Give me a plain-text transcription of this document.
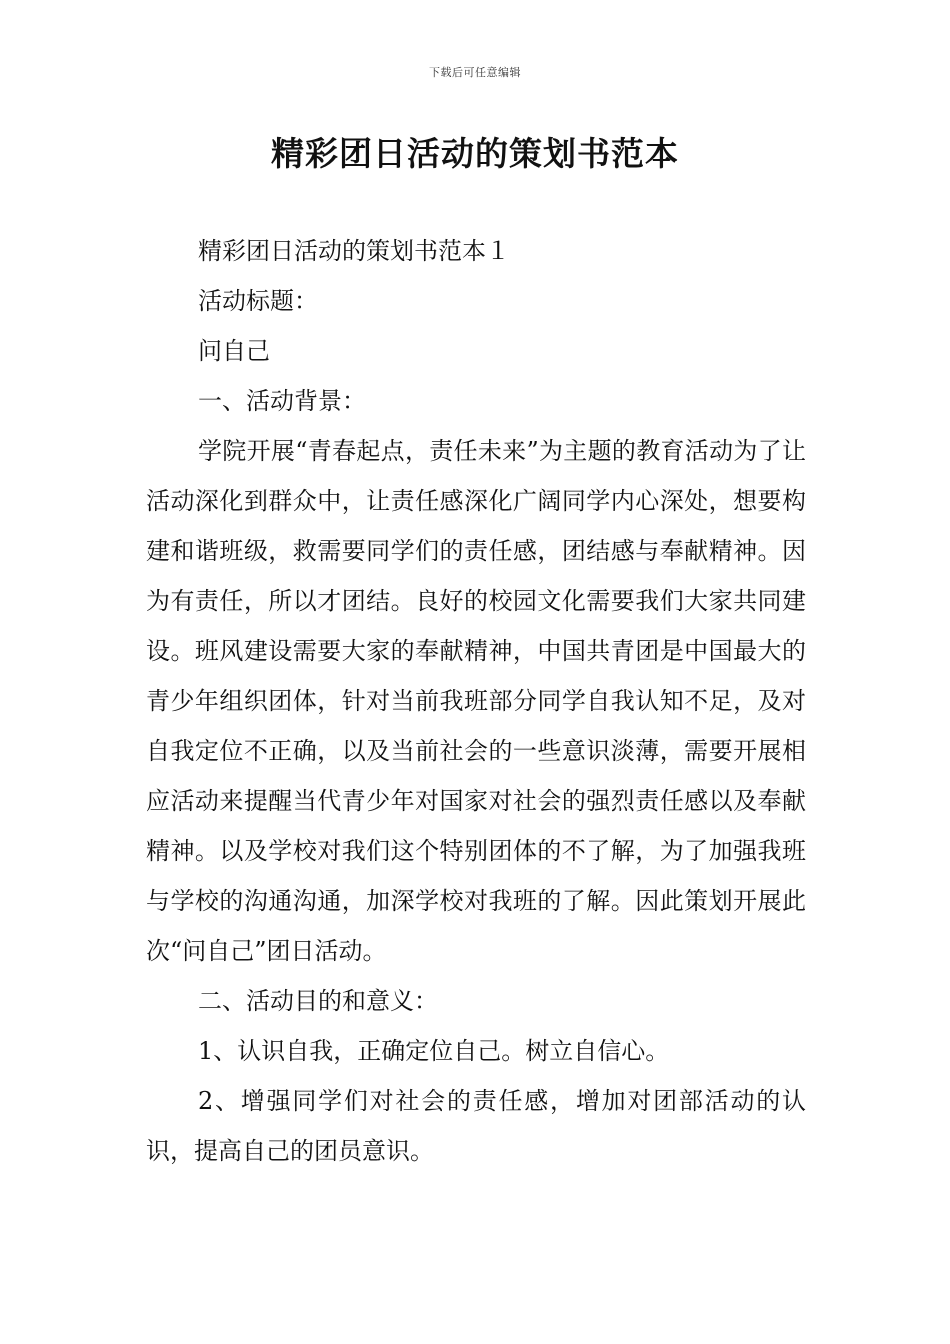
下载后可任意编辑
精彩团日活动的策划书范本

精彩团日活动的策划书范本１

活动标题：

问自己

一、活动背景：

学院开展“青春起点，责任未来”为主题的教育活动为了让活动深化到群众中，让责任感深化广阔同学内心深处，想要构建和谐班级，救需要同学们的责任感，团结感与奉献精神。因为有责任，所以才团结。良好的校园文化需要我们大家共同建设。班风建设需要大家的奉献精神，中国共青团是中国最大的青少年组织团体，针对当前我班部分同学自我认知不足，及对自我定位不正确，以及当前社会的一些意识淡薄，需要开展相应活动来提醒当代青少年对国家对社会的强烈责任感以及奉献精神。以及学校对我们这个特别团体的不了解，为了加强我班与学校的沟通沟通，加深学校对我班的了解。因此策划开展此次“问自己”团日活动。

二、活动目的和意义：

1、认识自我，正确定位自己。树立自信心。

2、增强同学们对社会的责任感，增加对团部活动的认识，提高自己的团员意识。
